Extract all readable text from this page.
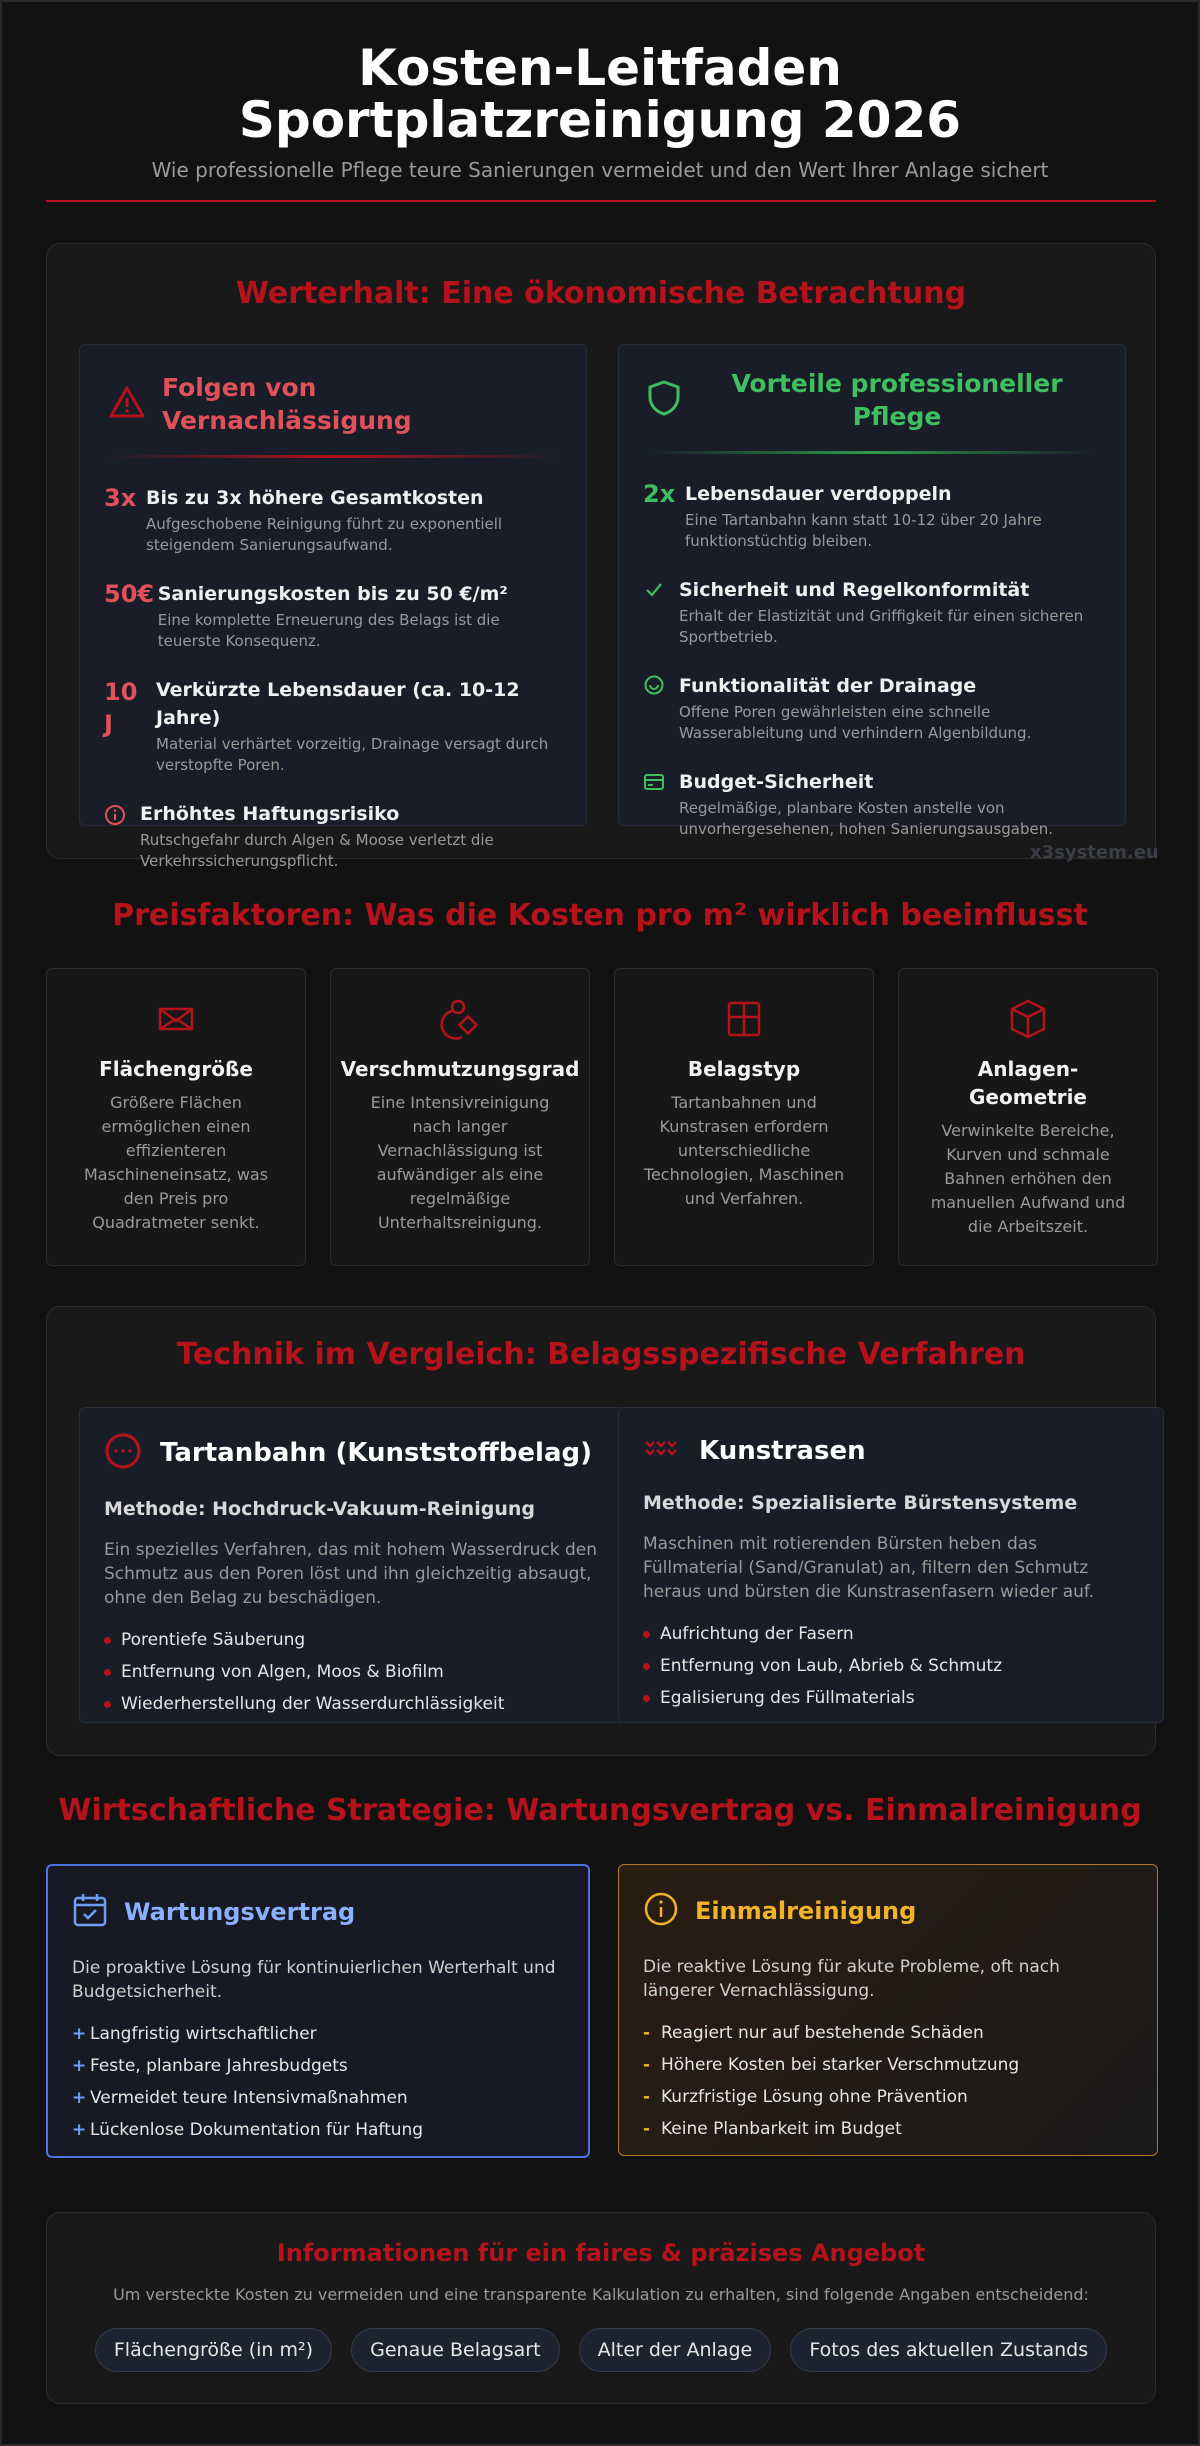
Kosten-Leitfaden Sportplatzreinigung 2026
Wie professionelle Pflege teure Sanierungen vermeidet und den Wert Ihrer Anlage sichert
Werterhalt: Eine ökonomische Betrachtung
Folgen von Vernachlässigung
3x Bis zu 3x höhere Gesamtkosten
Aufgeschobene Reinigung führt zu exponentiell steigendem Sanierungsaufwand.
50€ Sanierungskosten bis zu 50 €/m²
Eine komplette Erneuerung des Belags ist die teuerste Konsequenz.
10 J
Verkürzte Lebensdauer (ca. 10-12 Jahre)
Material verhärtet vorzeitig, Drainage versagt durch verstopfte Poren.
Erhöhtes Haftungsrisiko
Rutschgefahr durch Algen & Moose verletzt die Verkehrssicherungspflicht.
Vorteile professioneller Pflege
2x Lebensdauer verdoppeln
Eine Tartanbahn kann statt 10-12 über 20 Jahre funktionstüchtig bleiben.
Sicherheit und Regelkonformität
Erhalt der Elastizität und Griffigkeit für einen sicheren Sportbetrieb.
Funktionalität der Drainage
Offene Poren gewährleisten eine schnelle Wasserableitung und verhindern Algenbildung.
Budget-Sicherheit
Regelmäßige, planbare Kosten anstelle von unvorhergesehenen, hohen Sanierungsausgaben.
x3system.eu
Preisfaktoren: Was die Kosten pro m² wirklich beeinflusst
Flächengröße
Größere Flächen ermöglichen einen effizienteren Maschineneinsatz, was den Preis pro Quadratmeter senkt.
Verschmutzungsgrad
Eine Intensivreinigung nach langer Vernachlässigung ist aufwändiger als eine regelmäßige Unterhaltsreinigung.
Belagstyp
Tartanbahnen und Kunstrasen erfordern unterschiedliche Technologien, Maschinen und Verfahren.
Anlagen-Geometrie
Verwinkelte Bereiche, Kurven und schmale Bahnen erhöhen den manuellen Aufwand und die Arbeitszeit.
Technik im Vergleich: Belagsspezifische Verfahren
Tartanbahn (Kunststoffbelag)
Methode: Hochdruck-Vakuum-Reinigung
Ein spezielles Verfahren, das mit hohem Wasserdruck den Schmutz aus den Poren löst und ihn gleichzeitig absaugt, ohne den Belag zu beschädigen.
Porentiefe Säuberung
Entfernung von Algen, Moos & Biofilm
Wiederherstellung der Wasserdurchlässigkeit
Kunstrasen
Methode: Spezialisierte Bürstensysteme
Maschinen mit rotierenden Bürsten heben das Füllmaterial (Sand/Granulat) an, filtern den Schmutz heraus und bürsten die Kunstrasenfasern wieder auf.
Aufrichtung der Fasern
Entfernung von Laub, Abrieb & Schmutz
Egalisierung des Füllmaterials
Wirtschaftliche Strategie: Wartungsvertrag vs. Einmalreinigung
Wartungsvertrag
Die proaktive Lösung für kontinuierlichen Werterhalt und Budgetsicherheit.
+ Langfristig wirtschaftlicher
+ Feste, planbare Jahresbudgets
+ Vermeidet teure Intensivmaßnahmen
+ Lückenlose Dokumentation für Haftung
Einmalreinigung
Die reaktive Lösung für akute Probleme, oft nach längerer Vernachlässigung.
- Reagiert nur auf bestehende Schäden
- Höhere Kosten bei starker Verschmutzung
- Kurzfristige Lösung ohne Prävention
- Keine Planbarkeit im Budget
Informationen für ein faires & präzises Angebot
Um versteckte Kosten zu vermeiden und eine transparente Kalkulation zu erhalten, sind folgende Angaben entscheidend:
Flächengröße (in m²)	Genaue Belagsart	Alter der Anlage	Fotos des aktuellen Zustands
